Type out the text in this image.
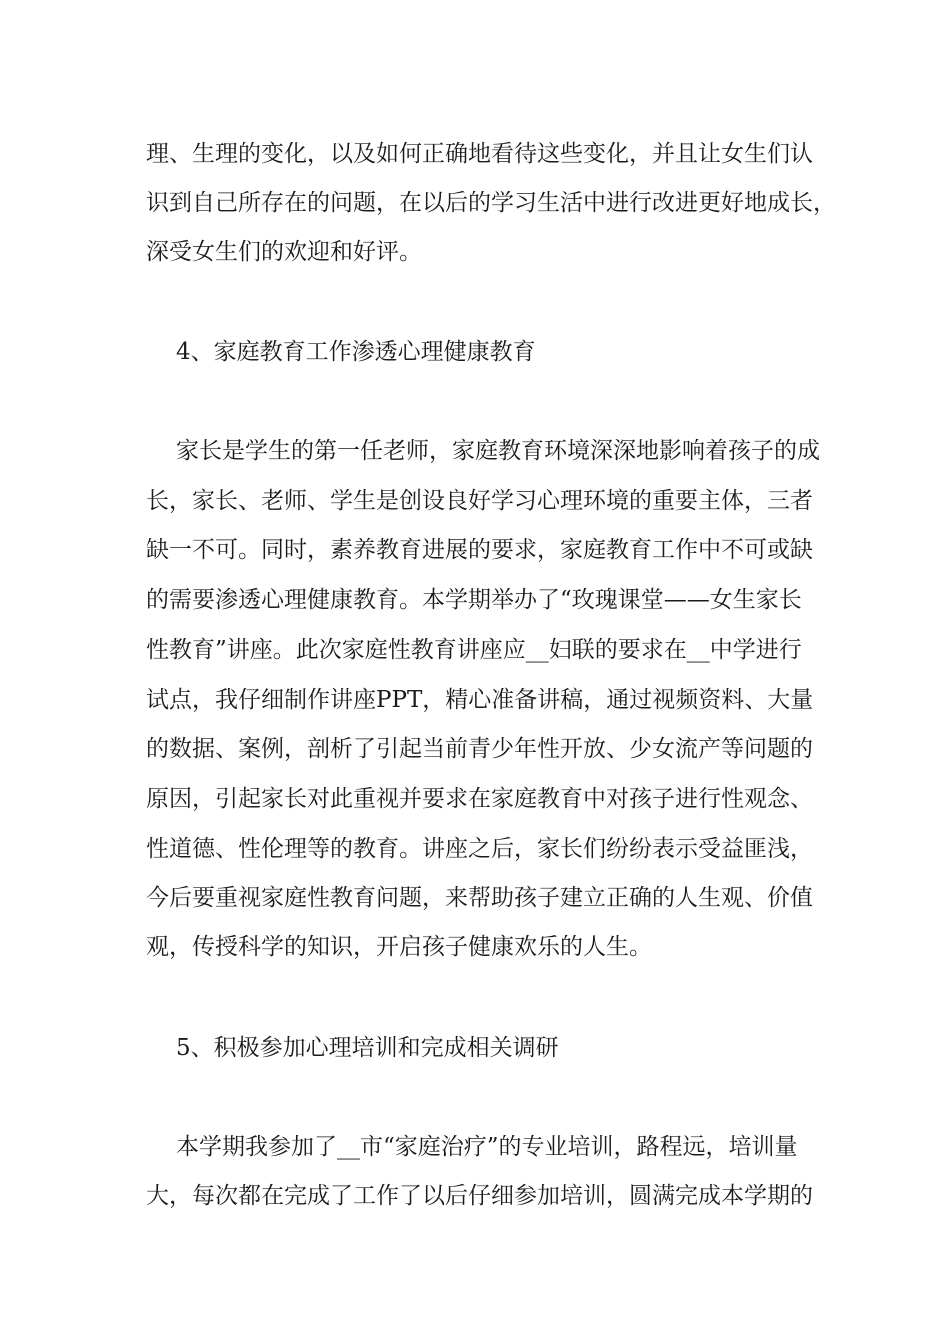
理、生理的变化，以及如何正确地看待这些变化，并且让女生们认
识到自己所存在的问题，在以后的学习生活中进行改进更好地成长，
深受女生们的欢迎和好评。
4、家庭教育工作渗透心理健康教育
家长是学生的第一任老师，家庭教育环境深深地影响着孩子的成
长，家长、老师、学生是创设良好学习心理环境的重要主体，三者
缺一不可。同时，素养教育进展的要求，家庭教育工作中不可或缺
的需要渗透心理健康教育。本学期举办了“玫瑰课堂——女生家长
性教育”讲座。此次家庭性教育讲座应__妇联的要求在__中学进行
试点，我仔细制作讲座PPT，精心准备讲稿，通过视频资料、大量
的数据、案例，剖析了引起当前青少年性开放、少女流产等问题的
原因，引起家长对此重视并要求在家庭教育中对孩子进行性观念、
性道德、性伦理等的教育。讲座之后，家长们纷纷表示受益匪浅，
今后要重视家庭性教育问题，来帮助孩子建立正确的人生观、价值
观，传授科学的知识，开启孩子健康欢乐的人生。
5、积极参加心理培训和完成相关调研
本学期我参加了__市“家庭治疗”的专业培训，路程远，培训量
大，每次都在完成了工作了以后仔细参加培训，圆满完成本学期的
